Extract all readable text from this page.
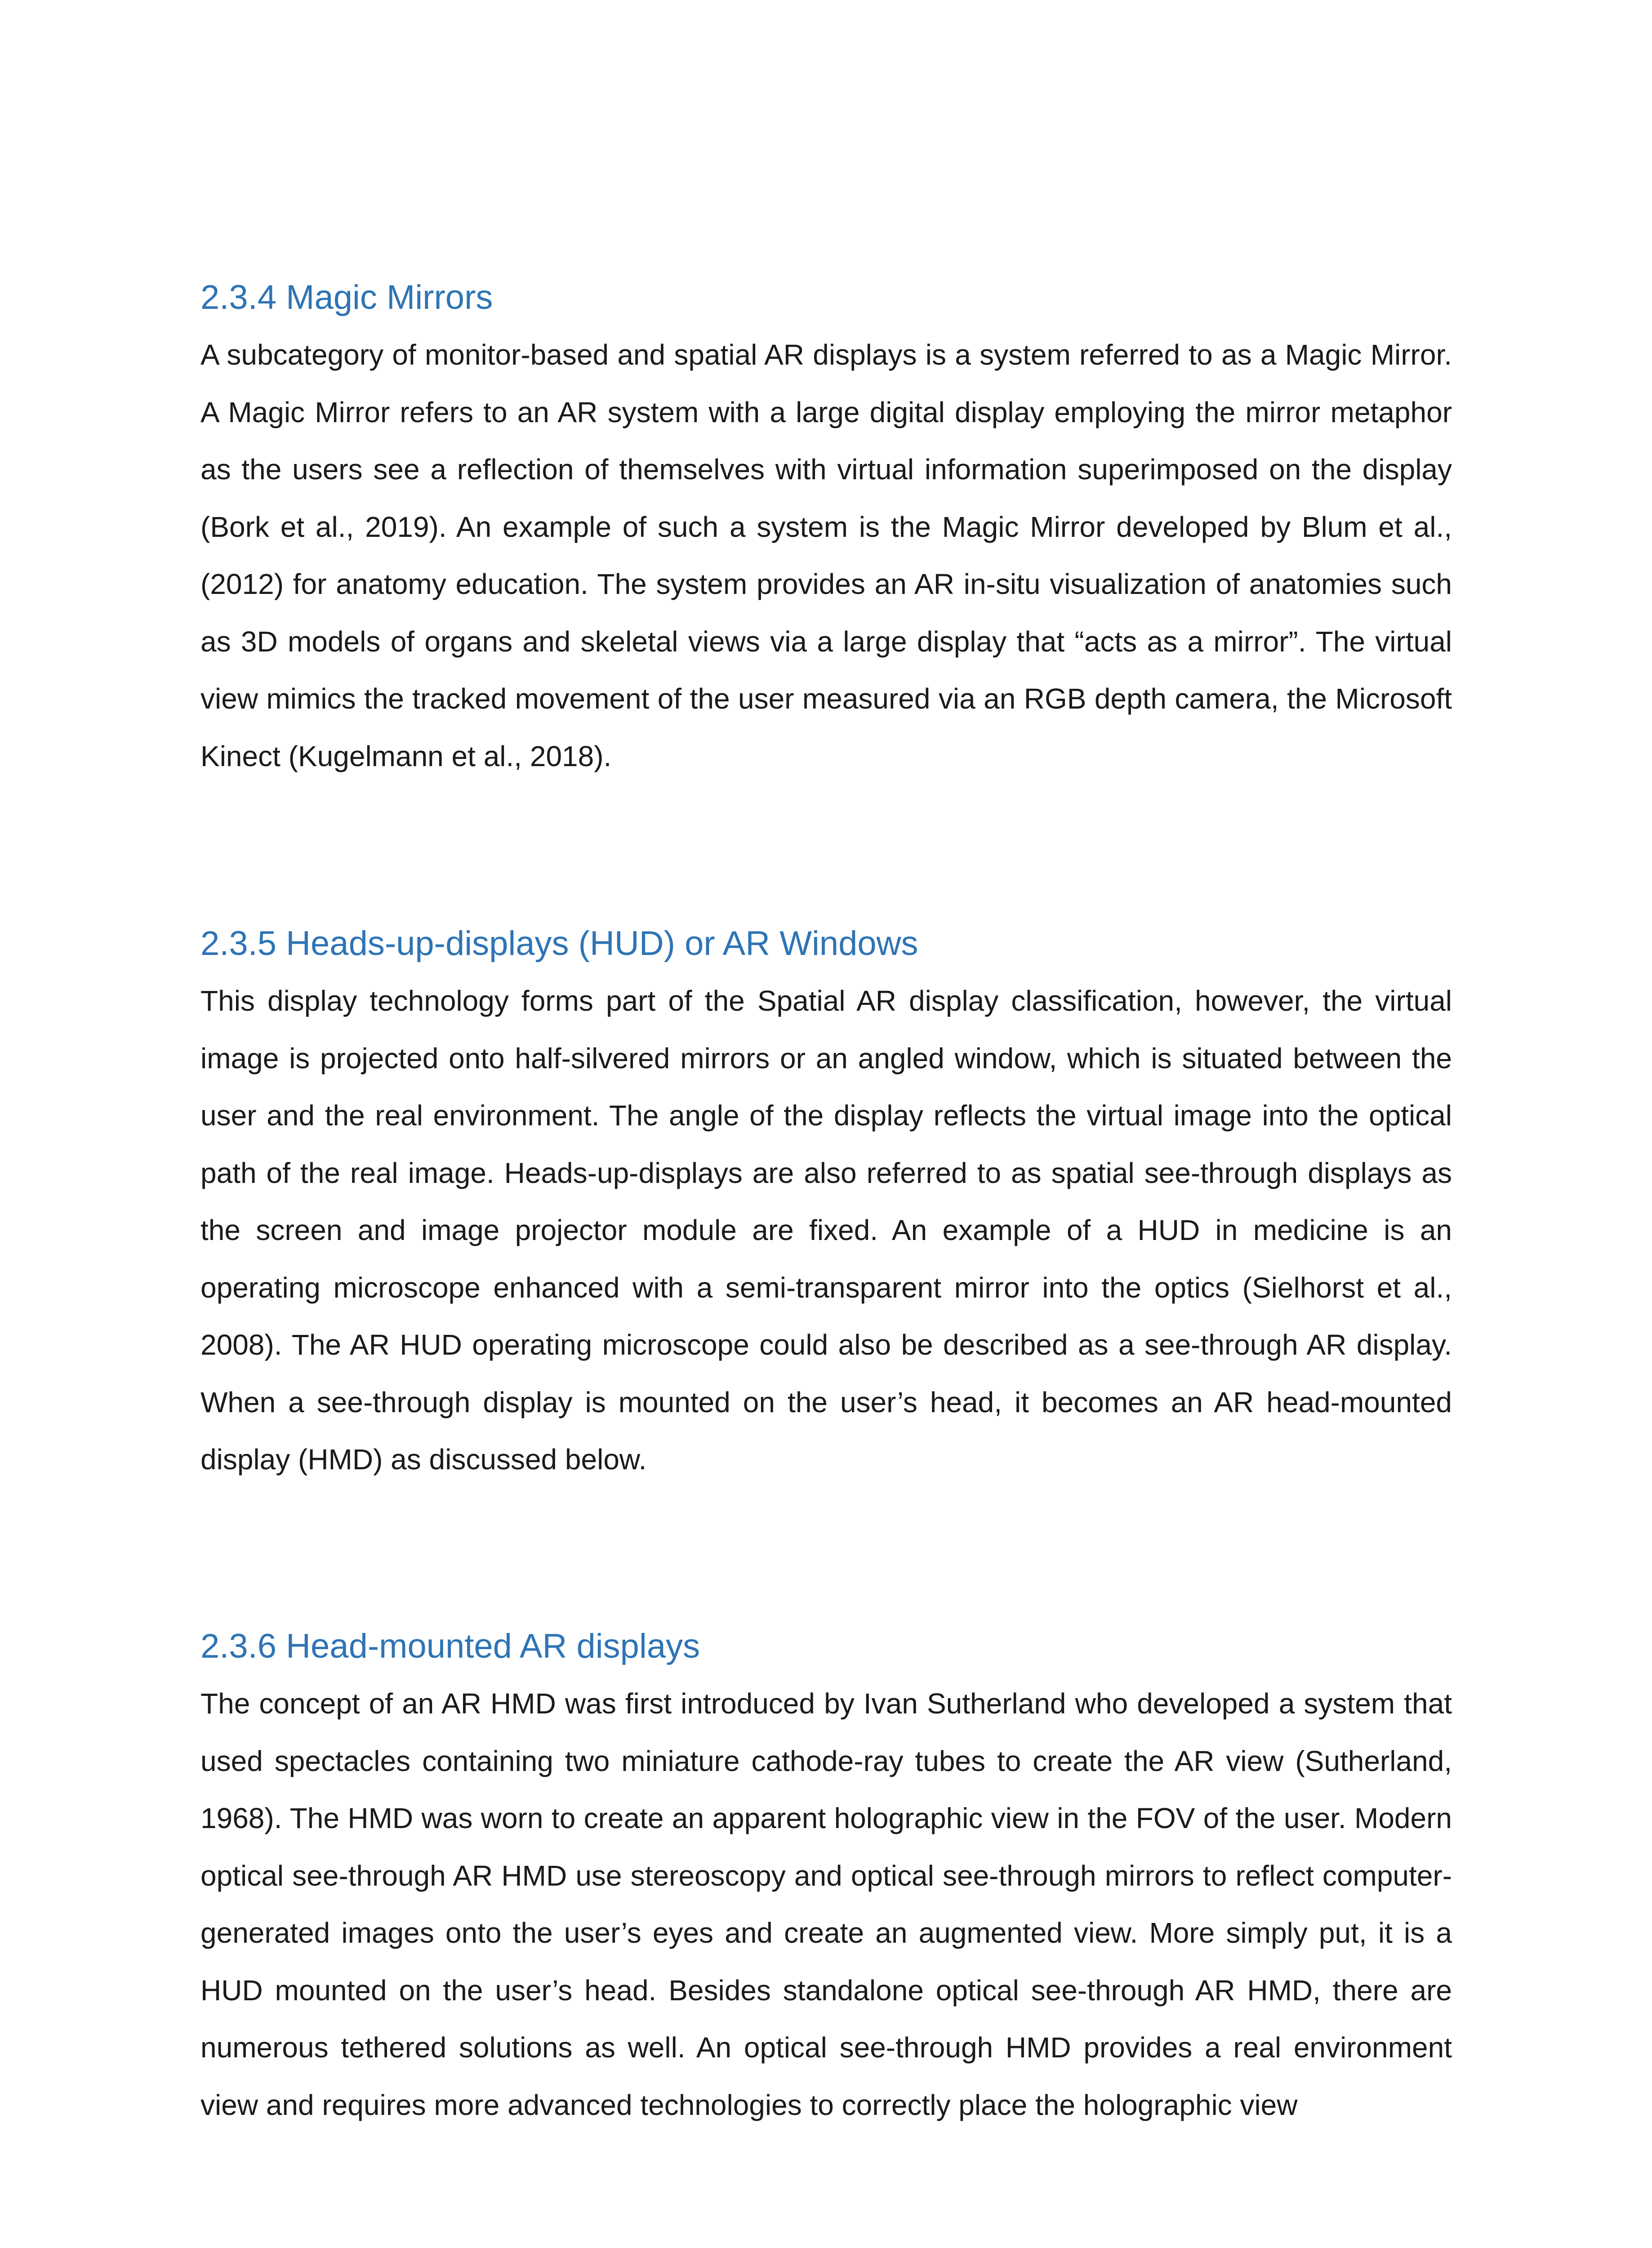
2.3.4 Magic Mirrors

A subcategory of monitor-based and spatial AR displays is a system referred to as a Magic Mirror. A Magic Mirror refers to an AR system with a large digital display employing the mirror metaphor as the users see a reflection of themselves with virtual information superimposed on the display (Bork et al., 2019). An example of such a system is the Magic Mirror developed by Blum et al., (2012) for anatomy education. The system provides an AR in-situ visualization of anatomies such as 3D models of organs and skeletal views via a large display that “acts as a mirror”. The virtual view mimics the tracked movement of the user measured via an RGB depth camera, the Microsoft Kinect (Kugelmann et al., 2018).

2.3.5 Heads-up-displays (HUD) or AR Windows

This display technology forms part of the Spatial AR display classification, however, the virtual image is projected onto half-silvered mirrors or an angled window, which is situated between the user and the real environment. The angle of the display reflects the virtual image into the optical path of the real image. Heads-up-displays are also referred to as spatial see-through displays as the screen and image projector module are fixed. An example of a HUD in medicine is an operating microscope enhanced with a semi-transparent mirror into the optics (Sielhorst et al., 2008). The AR HUD operating microscope could also be described as a see-through AR display. When a see-through display is mounted on the user’s head, it becomes an AR head-mounted display (HMD) as discussed below.

2.3.6 Head-mounted AR displays

The concept of an AR HMD was first introduced by Ivan Sutherland who developed a system that used spectacles containing two miniature cathode-ray tubes to create the AR view (Sutherland, 1968). The HMD was worn to create an apparent holographic view in the FOV of the user. Modern optical see-through AR HMD use stereoscopy and optical see-through mirrors to reflect computer-generated images onto the user’s eyes and create an augmented view. More simply put, it is a HUD mounted on the user’s head. Besides standalone optical see-through AR HMD, there are numerous tethered solutions as well. An optical see-through HMD provides a real environment view and requires more advanced technologies to correctly place the holographic view
